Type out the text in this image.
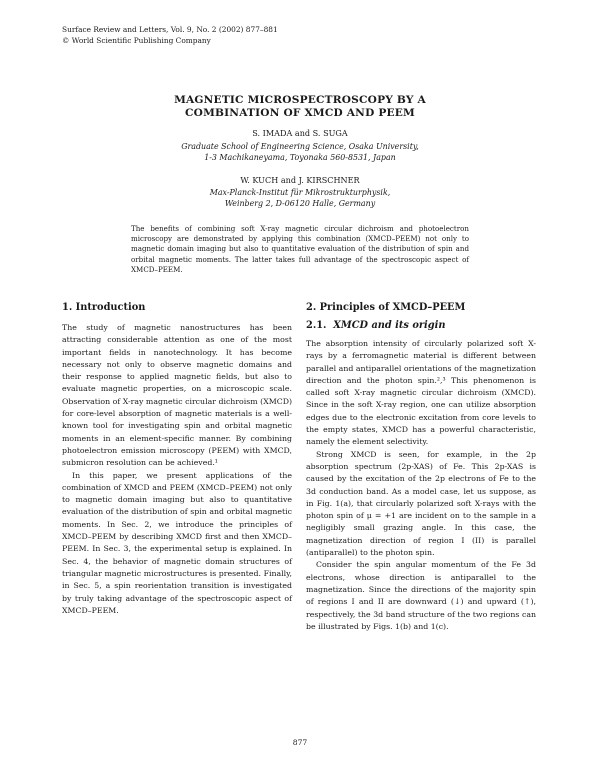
Surface Review and Letters, Vol. 9, No. 2 (2002) 877–881
© World Scientific Publishing Company
MAGNETIC MICROSPECTROSCOPY BY A
COMBINATION OF XMCD AND PEEM
S. IMADA and S. SUGA
Graduate School of Engineering Science, Osaka University,
1-3 Machikaneyama, Toyonaka 560-8531, Japan
W. KUCH and J. KIRSCHNER
Max-Planck-Institut für Mikrostrukturphysik,
Weinberg 2, D-06120 Halle, Germany
The benefits of combining soft X-ray magnetic circular dichroism and photoelectron microscopy are demonstrated by applying this combination (XMCD–PEEM) not only to magnetic domain imaging but also to quantitative evaluation of the distribution of spin and orbital magnetic moments. The latter takes full advantage of the spectroscopic aspect of XMCD–PEEM.
1. Introduction

The study of magnetic nanostructures has been attracting considerable attention as one of the most important fields in nanotechnology. It has become necessary not only to observe magnetic domains and their response to applied magnetic fields, but also to evaluate magnetic properties, on a microscopic scale. Observation of X-ray magnetic circular dichroism (XMCD) for core-level absorption of magnetic materials is a well-known tool for investigating spin and orbital magnetic moments in an element-specific manner. By combining photoelectron emission microscopy (PEEM) with XMCD, submicron resolution can be achieved.¹

In this paper, we present applications of the combination of XMCD and PEEM (XMCD–PEEM) not only to magnetic domain imaging but also to quantitative evaluation of the distribution of spin and orbital magnetic moments. In Sec. 2, we introduce the principles of XMCD–PEEM by describing XMCD first and then XMCD–PEEM. In Sec. 3, the experimental setup is explained. In Sec. 4, the behavior of magnetic domain structures of triangular magnetic microstructures is presented. Finally, in Sec. 5, a spin reorientation transition is investigated by truly taking advantage of the spectroscopic aspect of XMCD–PEEM.

2. Principles of XMCD–PEEM
2.1. XMCD and its origin

The absorption intensity of circularly polarized soft X-rays by a ferromagnetic material is different between parallel and antiparallel orientations of the magnetization direction and the photon spin.²,³ This phenomenon is called soft X-ray magnetic circular dichroism (XMCD). Since in the soft X-ray region, one can utilize absorption edges due to the electronic excitation from core levels to the empty states, XMCD has a powerful characteristic, namely the element selectivity.

Strong XMCD is seen, for example, in the 2p absorption spectrum (2p-XAS) of Fe. This 2p-XAS is caused by the excitation of the 2p electrons of Fe to the 3d conduction band. As a model case, let us suppose, as in Fig. 1(a), that circularly polarized soft X-rays with the photon spin of μ = +1 are incident on to the sample in a negligibly small grazing angle. In this case, the magnetization direction of region I (II) is parallel (antiparallel) to the photon spin.

Consider the spin angular momentum of the Fe 3d electrons, whose direction is antiparallel to the magnetization. Since the directions of the majority spin of regions I and II are downward (↓) and upward (↑), respectively, the 3d band structure of the two regions can be illustrated by Figs. 1(b) and 1(c).

877
